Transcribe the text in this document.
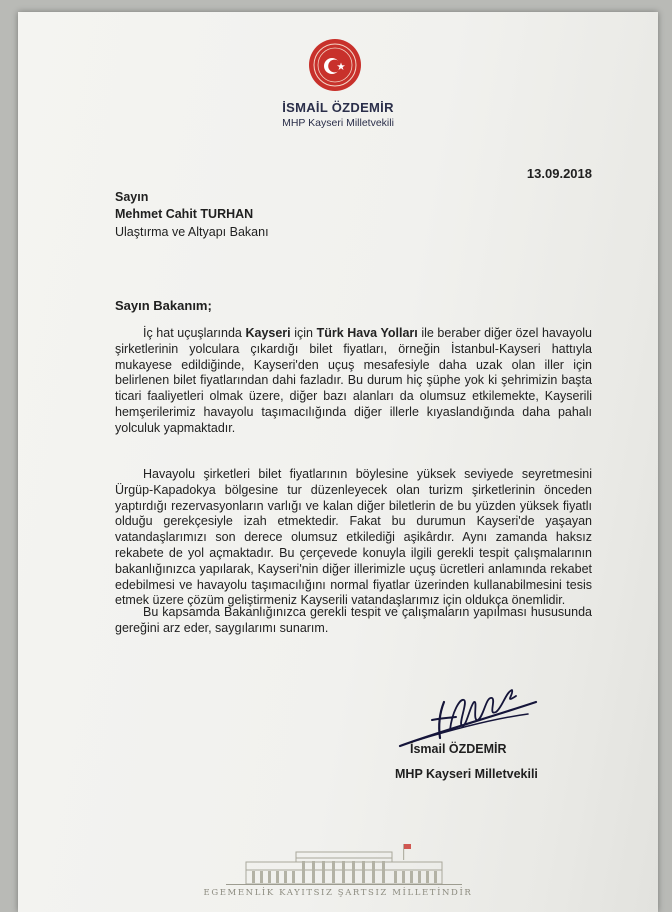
İSMAİL ÖZDEMİR
MHP Kayseri Milletvekili
13.09.2018
Sayın
Mehmet Cahit TURHAN
Ulaştırma ve Altyapı Bakanı
Sayın Bakanım;

İç hat uçuşlarında Kayseri için Türk Hava Yolları ile beraber diğer özel havayolu şirketlerinin yolculara çıkardığı bilet fiyatları, örneğin İstanbul-Kayseri hattıyla mukayese edildiğinde, Kayseri'den uçuş mesafesiyle daha uzak olan iller için belirlenen bilet fiyatlarından dahi fazladır. Bu durum hiç şüphe yok ki şehrimizin başta ticari faaliyetleri olmak üzere, diğer bazı alanları da olumsuz etkilemekte, Kayserili hemşerilerimiz havayolu taşımacılığında diğer illerle kıyaslandığında daha pahalı yolculuk yapmaktadır.

Havayolu şirketleri bilet fiyatlarının böylesine yüksek seviyede seyretmesini Ürgüp-Kapadokya bölgesine tur düzenleyecek olan turizm şirketlerinin önceden yaptırdığı rezervasyonların varlığı ve kalan diğer biletlerin de bu yüzden yüksek fiyatlı olduğu gerekçesiyle izah etmektedir. Fakat bu durumun Kayseri'de yaşayan vatandaşlarımızı son derece olumsuz etkilediği aşikârdır. Aynı zamanda haksız rekabete de yol açmaktadır. Bu çerçevede konuyla ilgili gerekli tespit çalışmalarının bakanlığınızca yapılarak, Kayseri'nin diğer illerimizle uçuş ücretleri anlamında rekabet edebilmesi ve havayolu taşımacılığını normal fiyatlar üzerinden kullanabilmesini tesis etmek üzere çözüm geliştirmeniz Kayserili vatandaşlarımız için oldukça önemlidir.

Bu kapsamda Bakanlığınızca gerekli tespit ve çalışmaların yapılması hususunda gereğini arz eder, saygılarımı sunarım.

İsmail ÖZDEMİR
MHP Kayseri Milletvekili
EGEMENLİK KAYITSIZ ŞARTSIZ MİLLETİNDİR
